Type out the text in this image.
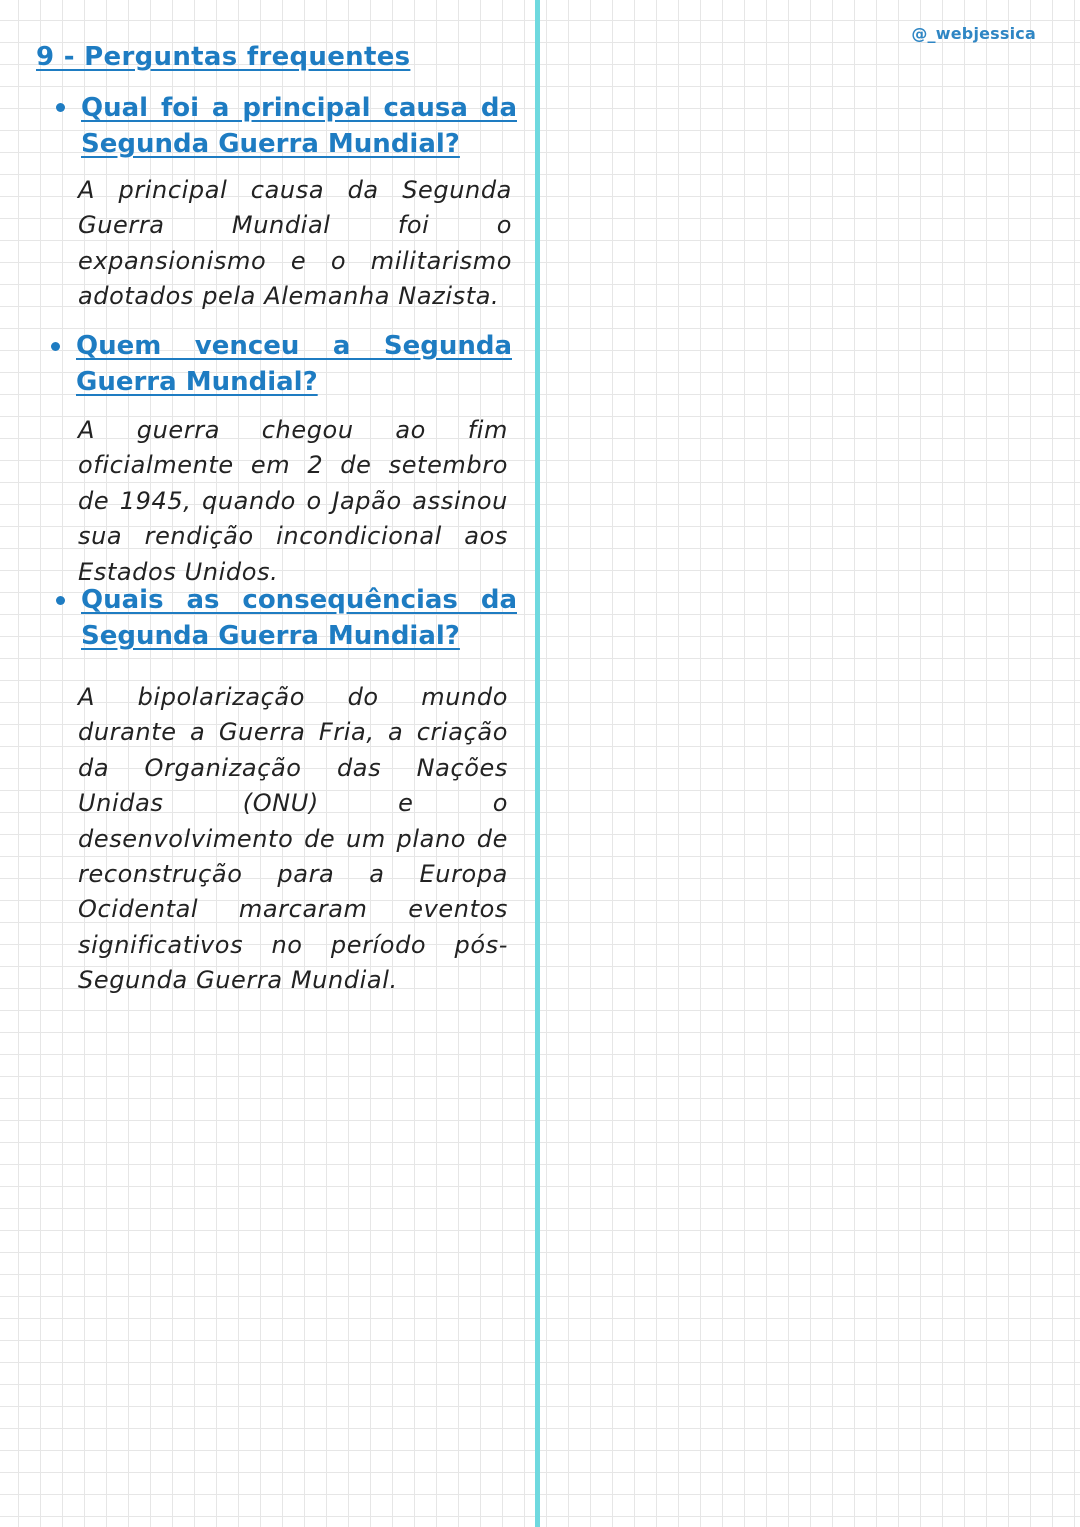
@_webjessica
9 - Perguntas frequentes
Qual foi a principal causa da Segunda Guerra Mundial?

A principal causa da Segunda Guerra Mundial foi o expansionismo e o militarismo adotados pela Alemanha Nazista.

Quem venceu a Segunda Guerra Mundial?

A guerra chegou ao fim oficialmente em 2 de setembro de 1945, quando o Japão assinou sua rendição incondicional aos Estados Unidos.

Quais as consequências da Segunda Guerra Mundial?

A bipolarização do mundo durante a Guerra Fria, a criação da Organização das Nações Unidas (ONU) e o desenvolvimento de um plano de reconstrução para a Europa Ocidental marcaram eventos significativos no período pós-Segunda Guerra Mundial.
